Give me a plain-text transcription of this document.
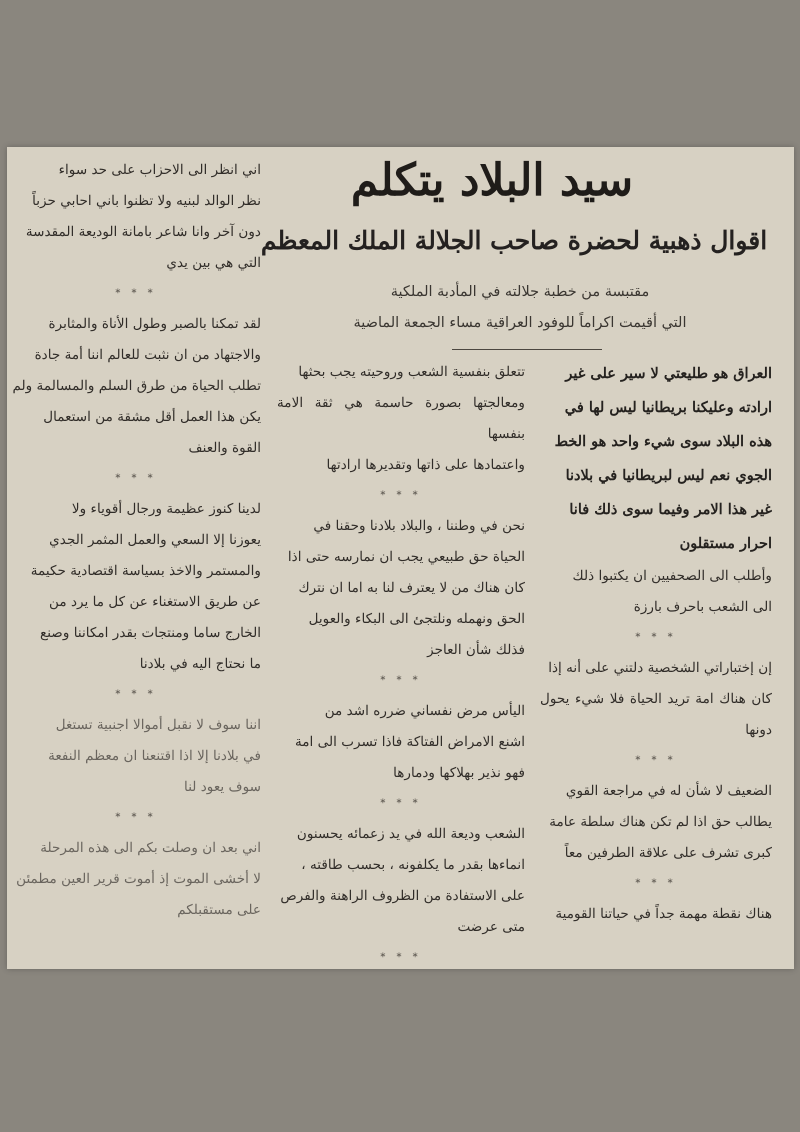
سيد البلاد يتكلم
اقوال ذهبية لحضرة صاحب الجلالة الملك المعظم

مقتبسة من خطبة جلالته في المأدبة الملكية

التي أقيمت اكراماً للوفود العراقية مساء الجمعة الماضية

العراق هو طليعتي لا سير على غير

ارادته وعليكنا بريطانيا ليس لها في

هذه البلاد سوى شيء واحد هو الخط

الجوي نعم ليس لبريطانيا في بلادنا

غير هذا الامر وفيما سوى ذلك فانا

احرار مستقلون

وأطلب الى الصحفيين ان يكتبوا ذلك

الى الشعب باحرف بارزة

* * *

إن إختباراتي الشخصية دلتني على أنه إذا

كان هناك امة تريد الحياة فلا شيء يحول دونها

* * *

الضعيف لا شأن له في مراجعة القوي

يطالب حق اذا لم تكن هناك سلطة عامة

كبرى تشرف على علاقة الطرفين معاً

* * *

هناك نقطة مهمة جداً في حياتنا القومية

تتعلق بنفسية الشعب وروحيته يجب بحثها

ومعالجتها بصورة حاسمة هي ثقة الامة بنفسها

واعتمادها على ذاتها وتقديرها ارادتها

* * *

نحن في وطننا ، والبلاد بلادنا وحقنا في

الحياة حق طبيعي يجب ان نمارسه حتى اذا

كان هناك من لا يعترف لنا به اما ان نترك

الحق ونهمله ونلتجئ الى البكاء والعويل

فذلك شأن العاجز

* * *

اليأس مرض نفساني ضرره اشد من

اشنع الامراض الفتاكة فاذا تسرب الى امة

فهو نذير بهلاكها ودمارها

* * *

الشعب وديعة الله في يد زعمائه يحسنون

انماءها بقدر ما يكلفونه ، بحسب طاقته ،

على الاستفادة من الظروف الراهنة والفرص

متى عرضت

* * *

اني انظر الى الاحزاب على حد سواء

نظر الوالد لبنيه ولا تظنوا باني احابي حزباً

دون آخر وانا شاعر بامانة الوديعة المقدسة

التي هي بين يدي

* * *

لقد تمكنا بالصبر وطول الأناة والمثابرة

والاجتهاد من ان نثبت للعالم اننا أمة جادة

تطلب الحياة من طرق السلم والمسالمة ولم

يكن هذا العمل أقل مشقة من استعمال

القوة والعنف

* * *

لدينا كنوز عظيمة ورجال أقوياء ولا

يعوزنا إلا السعي والعمل المثمر الجدي

والمستمر والاخذ بسياسة اقتصادية حكيمة

عن طريق الاستغناء عن كل ما يرد من

الخارج ساما ومنتجات بقدر امكاننا وصنع

ما نحتاج اليه في بلادنا

* * *

اننا سوف لا نقبل أموالا اجنبية تستغل

في بلادنا إلا اذا اقتنعنا ان معظم النفعة

سوف يعود لنا

* * *

اني بعد ان وصلت بكم الى هذه المرحلة

لا أخشى الموت إذ أموت قرير العين مطمئن

على مستقبلكم
